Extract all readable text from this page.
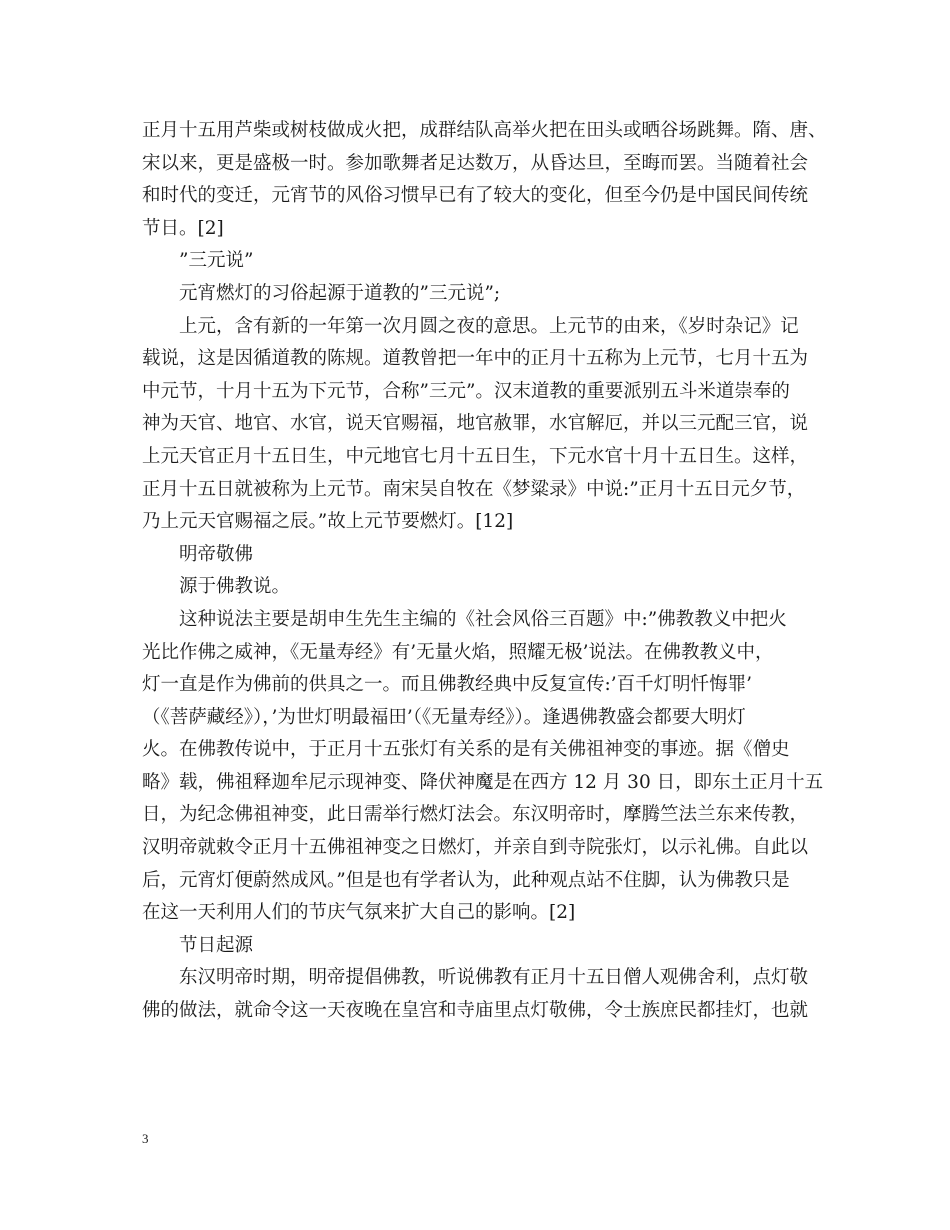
正月十五用芦柴或树枝做成火把，成群结队高举火把在田头或晒谷场跳舞。隋、唐、
宋以来，更是盛极一时。参加歌舞者足达数万，从昏达旦，至晦而罢。当随着社会
和时代的变迁，元宵节的风俗习惯早已有了较大的变化，但至今仍是中国民间传统
节日。[2]
”三元说”
元宵燃灯的习俗起源于道教的”三元说”;
上元，含有新的一年第一次月圆之夜的意思。上元节的由来，《岁时杂记》记
载说，这是因循道教的陈规。道教曾把一年中的正月十五称为上元节，七月十五为
中元节，十月十五为下元节，合称”三元”。汉末道教的重要派别五斗米道崇奉的
神为天官、地官、水官，说天官赐福，地官赦罪，水官解厄，并以三元配三官，说
上元天官正月十五日生，中元地官七月十五日生，下元水官十月十五日生。这样，
正月十五日就被称为上元节。南宋吴自牧在《梦粱录》中说:”正月十五日元夕节，
乃上元天官赐福之辰。”故上元节要燃灯。[12]
明帝敬佛
源于佛教说。
这种说法主要是胡申生先生主编的《社会风俗三百题》中:”佛教教义中把火
光比作佛之威神，《无量寿经》有’无量火焰，照耀无极’说法。在佛教教义中，
灯一直是作为佛前的供具之一。而且佛教经典中反复宣传:’百千灯明忏悔罪’
（《菩萨藏经》），’为世灯明最福田’（《无量寿经》）。逢遇佛教盛会都要大明灯
火。在佛教传说中，于正月十五张灯有关系的是有关佛祖神变的事迹。据《僧史
略》载，佛祖释迦牟尼示现神变、降伏神魔是在西方 12 月 30 日，即东土正月十五
日，为纪念佛祖神变，此日需举行燃灯法会。东汉明帝时，摩腾竺法兰东来传教，
汉明帝就敕令正月十五佛祖神变之日燃灯，并亲自到寺院张灯，以示礼佛。自此以
后，元宵灯便蔚然成风。”但是也有学者认为，此种观点站不住脚，认为佛教只是
在这一天利用人们的节庆气氛来扩大自己的影响。[2]
节日起源
东汉明帝时期，明帝提倡佛教，听说佛教有正月十五日僧人观佛舍利，点灯敬
佛的做法，就命令这一天夜晚在皇宫和寺庙里点灯敬佛，令士族庶民都挂灯，也就
3
